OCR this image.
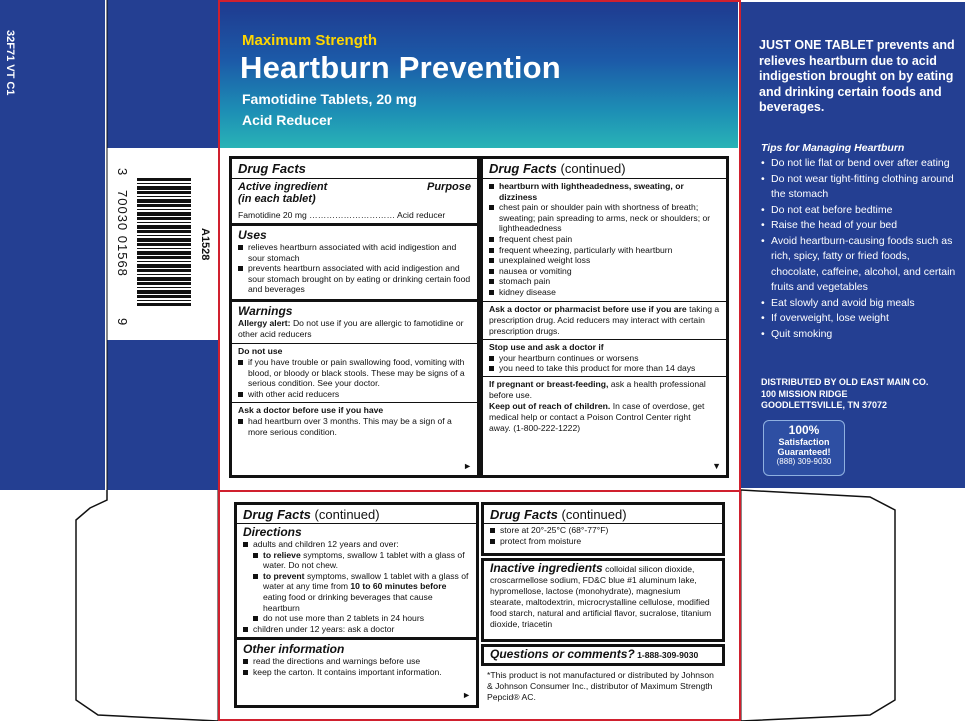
32F71 VT C1
3
70030 01568
9
A1528
Maximum Strength
Heartburn Prevention
Famotidine Tablets, 20 mg
Acid Reducer
Drug Facts
Active ingredient
(in each tablet)
Purpose
Famotidine 20 mg ………………………… Acid reducer
Uses
relieves heartburn associated with acid indigestion and sour stomach
prevents heartburn associated with acid indigestion and sour stomach brought on by eating or drinking certain food and beverages
Warnings
Allergy alert: Do not use if you are allergic to famotidine or other acid reducers
Do not use
if you have trouble or pain swallowing food, vomiting with blood, or bloody or black stools. These may be signs of a serious condition. See your doctor.
with other acid reducers
Ask a doctor before use if you have
had heartburn over 3 months. This may be a sign of a more serious condition.
►
Drug Facts (continued)
heartburn with lightheadedness, sweating, or dizziness
chest pain or shoulder pain with shortness of breath; sweating; pain spreading to arms, neck or shoulders; or lightheadedness
frequent chest pain
frequent wheezing, particularly with heartburn
unexplained weight loss
nausea or vomiting
stomach pain
kidney disease
Ask a doctor or pharmacist before use if you are taking a prescription drug. Acid reducers may interact with certain prescription drugs.
Stop use and ask a doctor if
your heartburn continues or worsens
you need to take this product for more than 14 days
If pregnant or breast-feeding, ask a health professional before use.
Keep out of reach of children. In case of overdose, get medical help or contact a Poison Control Center right away. (1-800-222-1222)
▼
JUST ONE TABLET prevents and relieves heartburn due to acid indigestion brought on by eating and drinking certain foods and beverages.
Tips for Managing Heartburn
• Do not lie flat or bend over after eating
• Do not wear tight-fitting clothing around the stomach
• Do not eat before bedtime
• Raise the head of your bed
• Avoid heartburn-causing foods such as rich, spicy, fatty or fried foods, chocolate, caffeine, alcohol, and certain fruits and vegetables
• Eat slowly and avoid big meals
• If overweight, lose weight
• Quit smoking
DISTRIBUTED BY OLD EAST MAIN CO.
100 MISSION RIDGE
GOODLETTSVILLE, TN 37072
100%
Satisfaction
Guaranteed!
(888) 309-9030
Drug Facts (continued)
Directions
adults and children 12 years and over:
to relieve symptoms, swallow 1 tablet with a glass of water. Do not chew.
to prevent symptoms, swallow 1 tablet with a glass of water at any time from 10 to 60 minutes before eating food or drinking beverages that cause heartburn
do not use more than 2 tablets in 24 hours
children under 12 years: ask a doctor
Other information
read the directions and warnings before use
keep the carton. It contains important information.
►
Drug Facts (continued)
store at 20°-25°C (68°-77°F)
protect from moisture
Inactive ingredients colloidal silicon dioxide, croscarmellose sodium, FD&C blue #1 aluminum lake, hypromellose, lactose (monohydrate), magnesium stearate, maltodextrin, microcrystalline cellulose, modified food starch, natural and artificial flavor, sucralose, titanium dioxide, triacetin
Questions or comments? 1-888-309-9030
*This product is not manufactured or distributed by Johnson & Johnson Consumer Inc., distributor of Maximum Strength Pepcid® AC.
